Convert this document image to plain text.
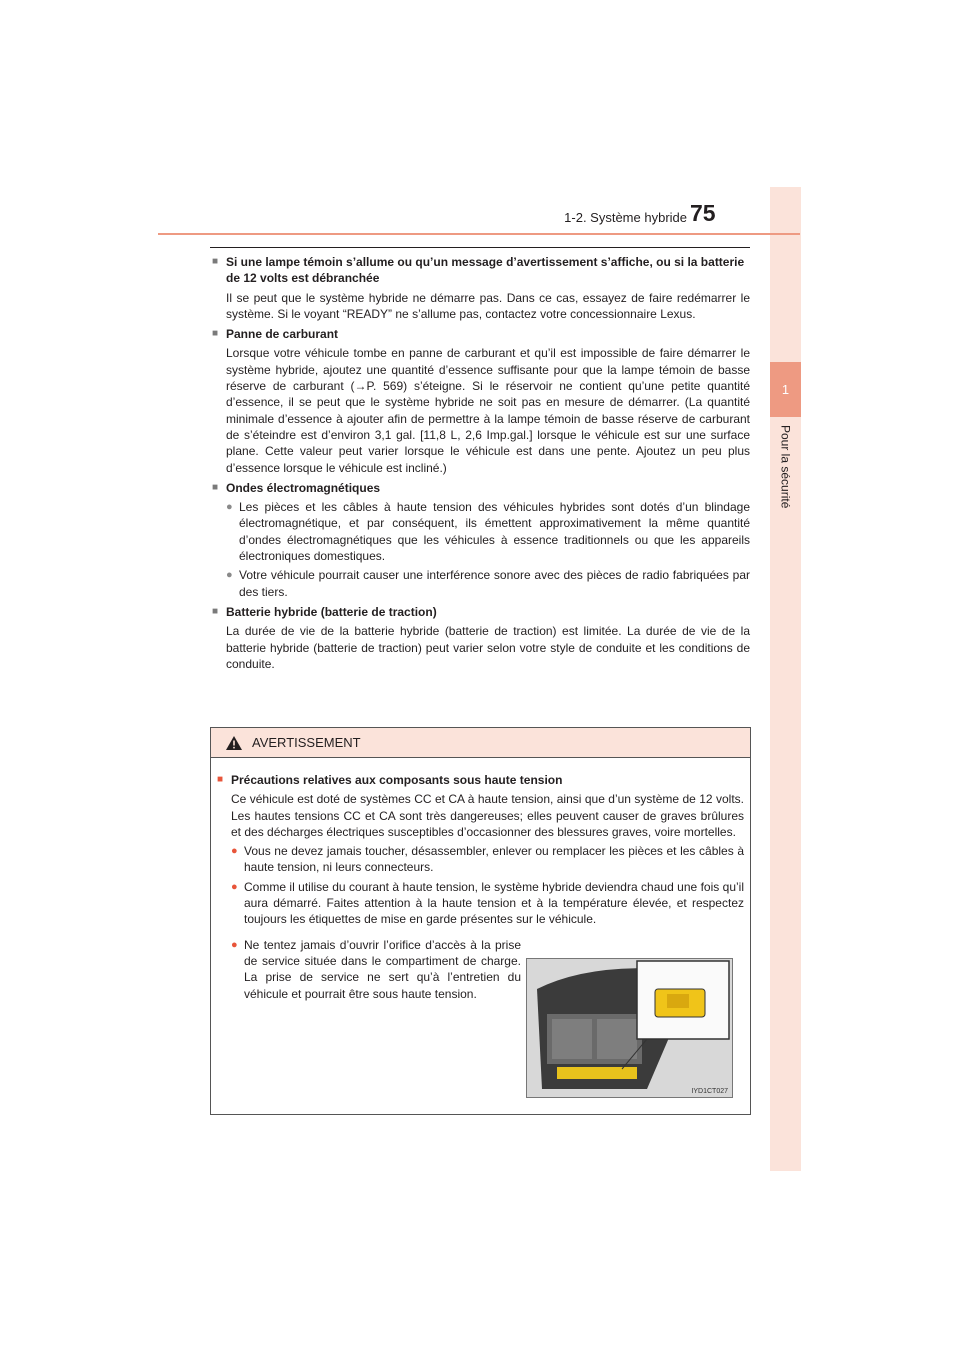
1
Pour la sécurité
1-2. Système hybride 75
■ Si une lampe témoin s’allume ou qu’un message d’avertissement s’affiche, ou si la batterie de 12 volts est débranchée
Il se peut que le système hybride ne démarre pas. Dans ce cas, essayez de faire redémarrer le système. Si le voyant “READY” ne s’allume pas, contactez votre concessionnaire Lexus.
■ Panne de carburant
Lorsque votre véhicule tombe en panne de carburant et qu’il est impossible de faire démarrer le système hybride, ajoutez une quantité d’essence suffisante pour que la lampe témoin de basse réserve de carburant (→P. 569) s’éteigne. Si le réservoir ne contient qu’une petite quantité d’essence, il se peut que le système hybride ne soit pas en mesure de démarrer. (La quantité minimale d’essence à ajouter afin de permettre à la lampe témoin de basse réserve de carburant de s’éteindre est d’environ 3,1 gal. [11,8 L, 2,6 Imp.gal.] lorsque le véhicule est sur une surface plane. Cette valeur peut varier lorsque le véhicule est dans une pente. Ajoutez un peu plus d’essence lorsque le véhicule est incliné.)
■ Ondes électromagnétiques
● Les pièces et les câbles à haute tension des véhicules hybrides sont dotés d’un blindage électromagnétique, et par conséquent, ils émettent approximativement la même quantité d’ondes électromagnétiques que les véhicules à essence traditionnels ou que les appareils électroniques domestiques.
● Votre véhicule pourrait causer une interférence sonore avec des pièces de radio fabriquées par des tiers.
■ Batterie hybride (batterie de traction)
La durée de vie de la batterie hybride (batterie de traction) est limitée. La durée de vie de la batterie hybride (batterie de traction) peut varier selon votre style de conduite et les conditions de conduite.
AVERTISSEMENT
■ Précautions relatives aux composants sous haute tension
Ce véhicule est doté de systèmes CC et CA à haute tension, ainsi que d’un système de 12 volts. Les hautes tensions CC et CA sont très dangereuses; elles peuvent causer de graves brûlures et des décharges électriques susceptibles d’occasionner des blessures graves, voire mortelles.
● Vous ne devez jamais toucher, désassembler, enlever ou remplacer les pièces et les câbles à haute tension, ni leurs connecteurs.
● Comme il utilise du courant à haute tension, le système hybride deviendra chaud une fois qu’il aura démarré. Faites attention à la haute tension et à la température élevée, et respectez toujours les étiquettes de mise en garde présentes sur le véhicule.
● Ne tentez jamais d’ouvrir l’orifice d’accès à la prise de service située dans le compartiment de charge. La prise de service ne sert qu’à l’entretien du véhicule et pourrait être sous haute tension.
IYD1CT027
